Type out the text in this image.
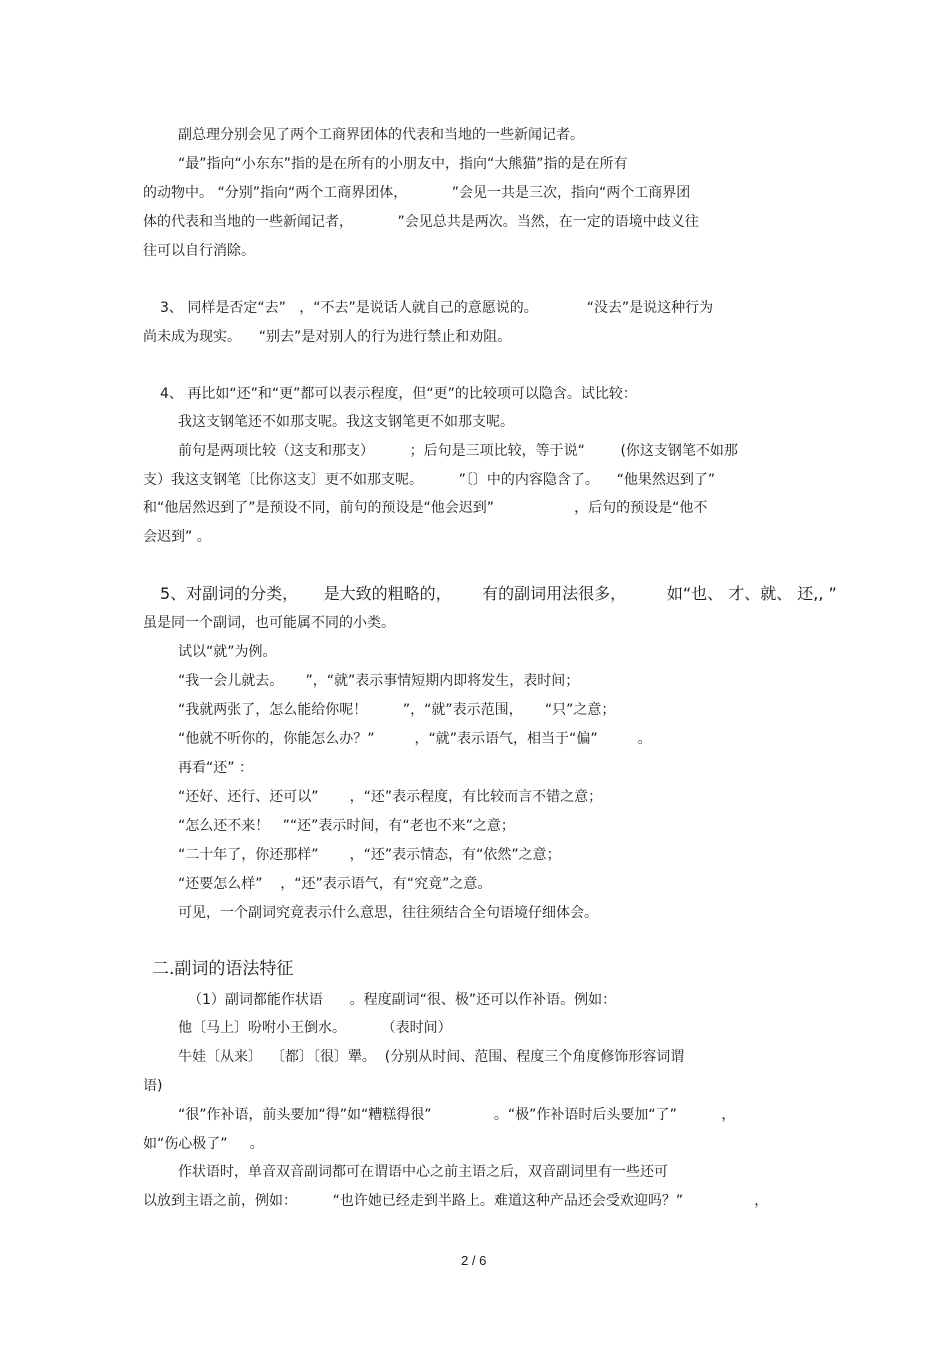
副总理分别会见了两个工商界团体的代表和当地的一些新闻记者。
“最”指向“小东东”指的是在所有的小朋友中，指向“大熊猫”指的是在所有
的动物中。 “分别”指向“两个工商界团体，          ”会见一共是三次，指向“两个工商界团
体的代表和当地的一些新闻记者，          ”会见总共是两次。当然，在一定的语境中歧义往
往可以自行消除。
3、 同样是否定“去”   ，“不去”是说话人就自己的意愿说的。           “没去”是说这种行为
尚未成为现实。    “别去”是对别人的行为进行禁止和劝阻。
4、 再比如“还”和“更”都可以表示程度，但“更”的比较项可以隐含。试比较：
我这支钢笔还不如那支呢。我这支钢笔更不如那支呢。
前句是两项比较（这支和那支）        ；后句是三项比较，等于说“        (你这支钢笔不如那
支）我这支钢笔〔比你这支〕更不如那支呢。        ”〔〕中的内容隐含了。    “他果然迟到了”
和“他居然迟到了”是预设不同，前句的预设是“他会迟到”                  ，后句的预设是“他不
会迟到” 。
5、对副词的分类，     是大致的粗略的，      有的副词用法很多，        如“也、 才、就、 还,, ”
虽是同一个副词，也可能属不同的小类。
试以“就”为例。
“我一会儿就去。     ”，“就”表示事情短期内即将发生，表时间；
“我就两张了，怎么能给你呢！        ”，“就”表示范围，     “只”之意；
“他就不听你的，你能怎么办？”         ，“就”表示语气，相当于“偏”         。
再看“还” ：
“还好、还行、还可以”       ，“还”表示程度，有比较而言不错之意；
“怎么还不来！   ”“还”表示时间，有“老也不来”之意；
“二十年了，你还那样”       ，“还”表示情态，有“依然”之意；
“还要怎么样”    ，“还”表示语气，有“究竟”之意。
可见，一个副词究竟表示什么意思，往往须结合全句语境仔细体会。
二.副词的语法特征
（1）副词都能作状语      。程度副词“很、极”还可以作补语。例如：
他〔马上〕吩咐小王倒水。        （表时间）
牛娃〔从来〕  〔都〕〔很〕犟。  (分别从时间、范围、程度三个角度修饰形容词谓
语)
“很”作补语，前头要加“得”如“糟糕得很”              。“极”作补语时后头要加“了”          ，
如“伤心极了”     。
作状语时，单音双音副词都可在谓语中心之前主语之后，双音副词里有一些还可
以放到主语之前，例如：        “也许她已经走到半路上。难道这种产品还会受欢迎吗？”                ，
2 / 6
